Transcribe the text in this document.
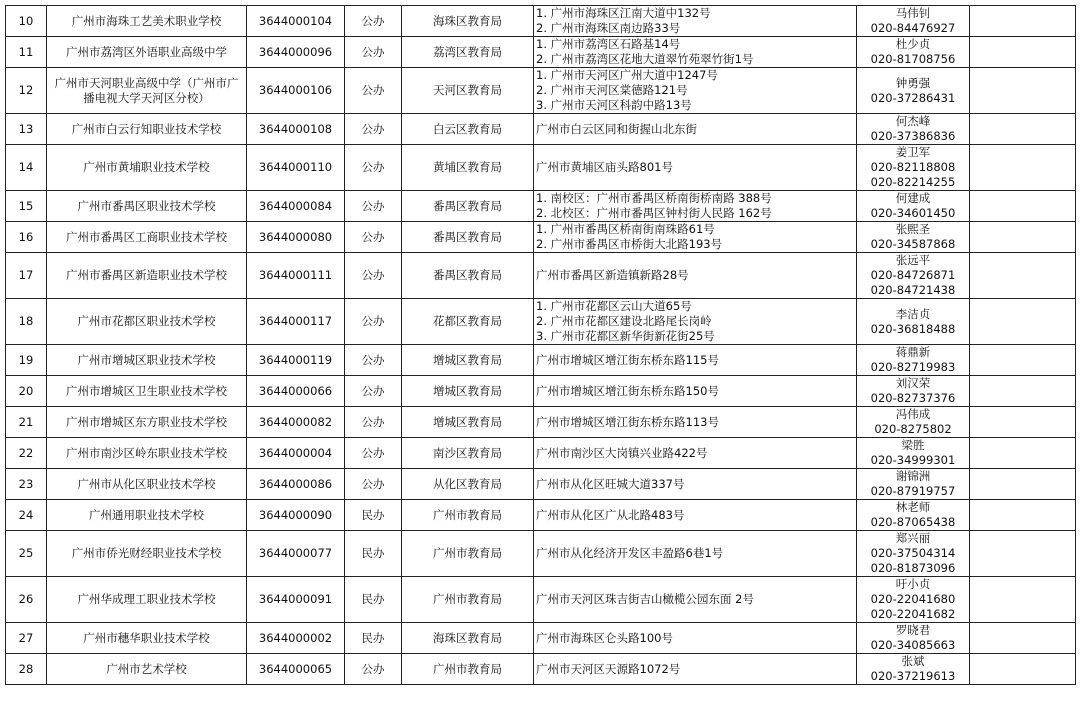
10	广州市海珠工艺美术职业学校	3644000104	公办	海珠区教育局	1. 广州市海珠区江南大道中132号
2. 广州市海珠区南边路33号	马伟钊
020-84476927	

11	广州市荔湾区外语职业高级中学	3644000096	公办	荔湾区教育局	1. 广州市荔湾区石路基14号
2. 广州市荔湾区花地大道翠竹苑翠竹街1号	杜少贞
020-81708756	

12	广州市天河职业高级中学（广州市广播电视大学天河区分校）	3644000106	公办	天河区教育局	1. 广州市天河区广州大道中1247号
2. 广州市天河区棠德路121号
3. 广州市天河区科韵中路13号	钟勇强
020-37286431	

13	广州市白云行知职业技术学校	3644000108	公办	白云区教育局	广州市白云区同和街握山北东街	何杰峰
020-37386836	

14	广州市黄埔职业技术学校	3644000110	公办	黄埔区教育局	广州市黄埔区庙头路801号	姜卫军
020-82118808
020-82214255	

15	广州市番禺区职业技术学校	3644000084	公办	番禺区教育局	1. 南校区：广州市番禺区桥南街桥南路 388号
2. 北校区：广州市番禺区钟村街人民路 162号	何建成
020-34601450	

16	广州市番禺区工商职业技术学校	3644000080	公办	番禺区教育局	1. 广州市番禺区桥南街南珠路61号
2. 广州市番禺区市桥街大北路193号	张熙圣
020-34587868	

17	广州市番禺区新造职业技术学校	3644000111	公办	番禺区教育局	广州市番禺区新造镇新路28号	张远平
020-84726871
020-84721438	

18	广州市花都区职业技术学校	3644000117	公办	花都区教育局	1. 广州市花都区云山大道65号
2. 广州市花都区建设北路尾长岗岭
3. 广州市花都区新华街新花街25号	李洁贞
020-36818488	

19	广州市增城区职业技术学校	3644000119	公办	增城区教育局	广州市增城区增江街东桥东路115号	蒋鼎新
020-82719983	

20	广州市增城区卫生职业技术学校	3644000066	公办	增城区教育局	广州市增城区增江街东桥东路150号	刘汉荣
020-82737376	

21	广州市增城区东方职业技术学校	3644000082	公办	增城区教育局	广州市增城区增江街东桥东路113号	冯伟成
020-8275802	

22	广州市南沙区岭东职业技术学校	3644000004	公办	南沙区教育局	广州市南沙区大岗镇兴业路422号	梁胜
020-34999301	

23	广州市从化区职业技术学校	3644000086	公办	从化区教育局	广州市从化区旺城大道337号	谢锦洲
020-87919757	

24	广州通用职业技术学校	3644000090	民办	广州市教育局	广州市从化区广从北路483号	林老师
020-87065438	

25	广州市侨光财经职业技术学校	3644000077	民办	广州市教育局	广州市从化经济开发区丰盈路6巷1号	郑兴丽
020-37504314
020-81873096	

26	广州华成理工职业技术学校	3644000091	民办	广州市教育局	广州市天河区珠吉街吉山橄榄公园东面 2号	吁小贞
020-22041680
020-22041682	

27	广州市穗华职业技术学校	3644000002	民办	海珠区教育局	广州市海珠区仑头路100号	罗晓君
020-34085663	

28	广州市艺术学校	3644000065	公办	广州市教育局	广州市天河区天源路1072号	张斌
020-37219613	
